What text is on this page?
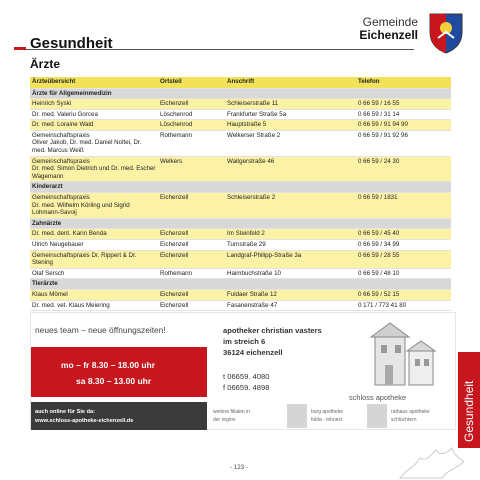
Gemeinde
Eichenzell
Gesundheit
Ärzte
Ärzteübersicht	Ortsteil	Anschrift	Telefon
Ärzte für Allgemeinmedizin			
Heinrich Syski	Eichenzell	Schleiserstraße 11	0 66 59 / 16 55
Dr. med. Valeriu Gorcea	Löschenrod	Frankfurter Straße 5a	0 66 59 / 31 14
Dr. med. Loraine Wald	Löschenrod	Hauptstraße 5	0 66 59 / 91 94 90
Gemeinschaftspraxis
Oliver Jakob, Dr. med. Daniel Noltei, Dr. med. Marcus Weiß	Rothemann	Welkerser Straße 2	0 66 59 / 91 92 96
Gemeinschaftspraxis
Dr. med. Simon Dietrich und Dr. med. Escher Wagemann	Welkers	Waitgerstraße 46	0 66 59 / 24 30
Kinderarzt			
Gemeinschaftspraxis
Dr. med. Wilhelm Körling und Sigrid Lohmann-Savoij	Eichenzell	Schleiserstraße 2	0 66 59 / 1831
Zahnärzte			
Dr. med. dent. Karin Benda	Eichenzell	Im Steinfeld 2	0 66 59 / 45 40
Ulrich Neugebauer	Eichenzell	Turnstraße 29	0 66 59 / 34 99
Gemeinschaftspraxis Dr. Rippert & Dr. Stening	Eichenzell	Landgraf-Philipp-Straße 3a	0 66 59 / 28 55
Olaf Sersch	Rothemann	Haimbuchstraße 10	0 66 59 / 48 10
Tierärzte			
Klaus Mömel	Eichenzell	Fuldaer Straße 12	0 66 59 / 52 15
Dr. med. vet. Klaus Meiering	Eichenzell	Fasanenstraße 47	0 171 / 773 41 80
neues team – neue öffnungszeiten!
mo – fr 8.30 – 18.00 uhr
sa 8.30 – 13.00 uhr
apotheker christian vasters
im streich 6
36124 eichenzell
t 06659. 4080
f 06659. 4898
schloss apotheke
auch online für Sie da:
www.schloss-apotheke-eichenzell.de
weitere filialen in
der region
burg apotheke
fulda - lehnerz
rathaus apotheke
schlüchtern	Gesundheit
- 123 -
